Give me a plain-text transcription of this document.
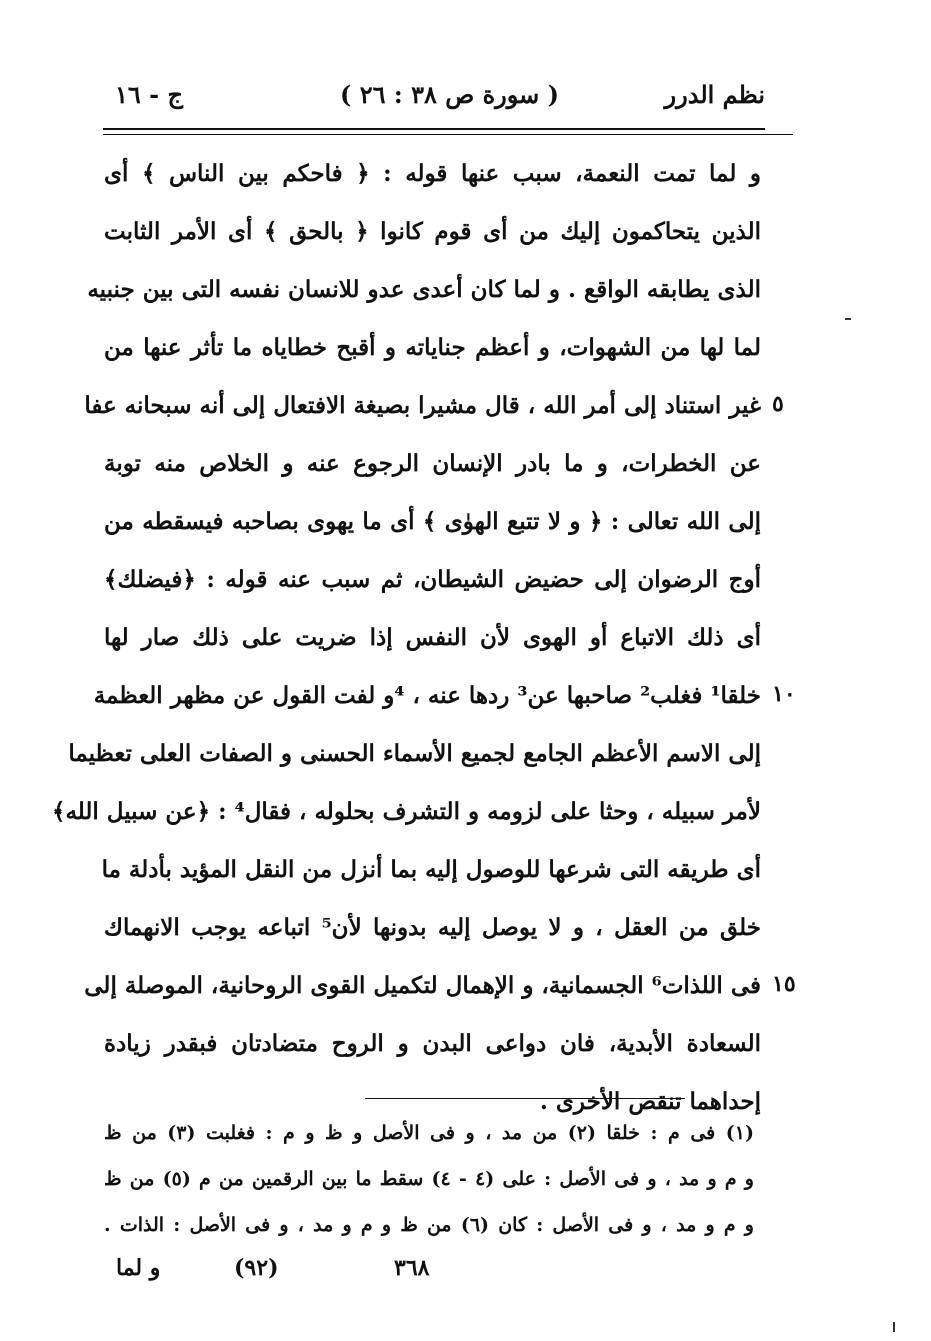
نظم الدرر
( سورة ص ٣٨ : ٢٦ )
ج - ١٦
و لما تمت النعمة، سبب عنها قوله : ﴿ فاحكم بين الناس ﴾ أى
الذين يتحاكمون إليك من أى قوم كانوا ﴿ بالحق ﴾ أى الأمر الثابت
الذى يطابقه الواقع . و لما كان أعدى عدو للانسان نفسه التى بين جنبيه
لما لها من الشهوات، و أعظم جناياته و أقبح خطاياه ما تأثر عنها من
غير استناد إلى أمر الله ، قال مشيرا بصيغة الافتعال إلى أنه سبحانه عفا
عن الخطرات، و ما بادر الإنسان الرجوع عنه و الخلاص منه توبة
إلى الله تعالى : ﴿ و لا تتبع الهوٰى ﴾ أى ما يهوى بصاحبه فيسقطه من
أوج الرضوان إلى حضيض الشيطان، ثم سبب عنه قوله : ﴿فيضلك﴾
أى ذلك الاتباع أو الهوى لأن النفس إذا ضريت على ذلك صار لها
خلقا¹ فغلب² صاحبها عن³ ردها عنه ، ⁴و لفت القول عن مظهر العظمة
إلى الاسم الأعظم الجامع لجميع الأسماء الحسنى و الصفات العلى تعظيما
لأمر سبيله ، وحثا على لزومه و التشرف بحلوله ، فقال⁴ : ﴿عن سبيل الله﴾
أى طريقه التى شرعها للوصول إليه بما أنزل من النقل المؤيد بأدلة ما
خلق من العقل ، و لا يوصل إليه بدونها لأن⁵ اتباعه يوجب الانهماك
فى اللذات⁶ الجسمانية، و الإهمال لتكميل القوى الروحانية، الموصلة إلى
السعادة الأبدية، فان دواعى البدن و الروح متضادتان فبقدر زيادة
إحداهما تنقص الأخرى .
٥
١٠
١٥
(١) فى م : خلقا (٢) من مد ، و فى الأصل و ظ و م : فغلبت (٣) من ظ
و م و مد ، و فى الأصل : على (٤ - ٤) سقط ما بين الرقمين من م (٥) من ظ
و م و مد ، و فى الأصل : كان (٦) من ظ و م و مد ، و فى الأصل : الذات .
٣٦٨
(٩٢)
و لما
